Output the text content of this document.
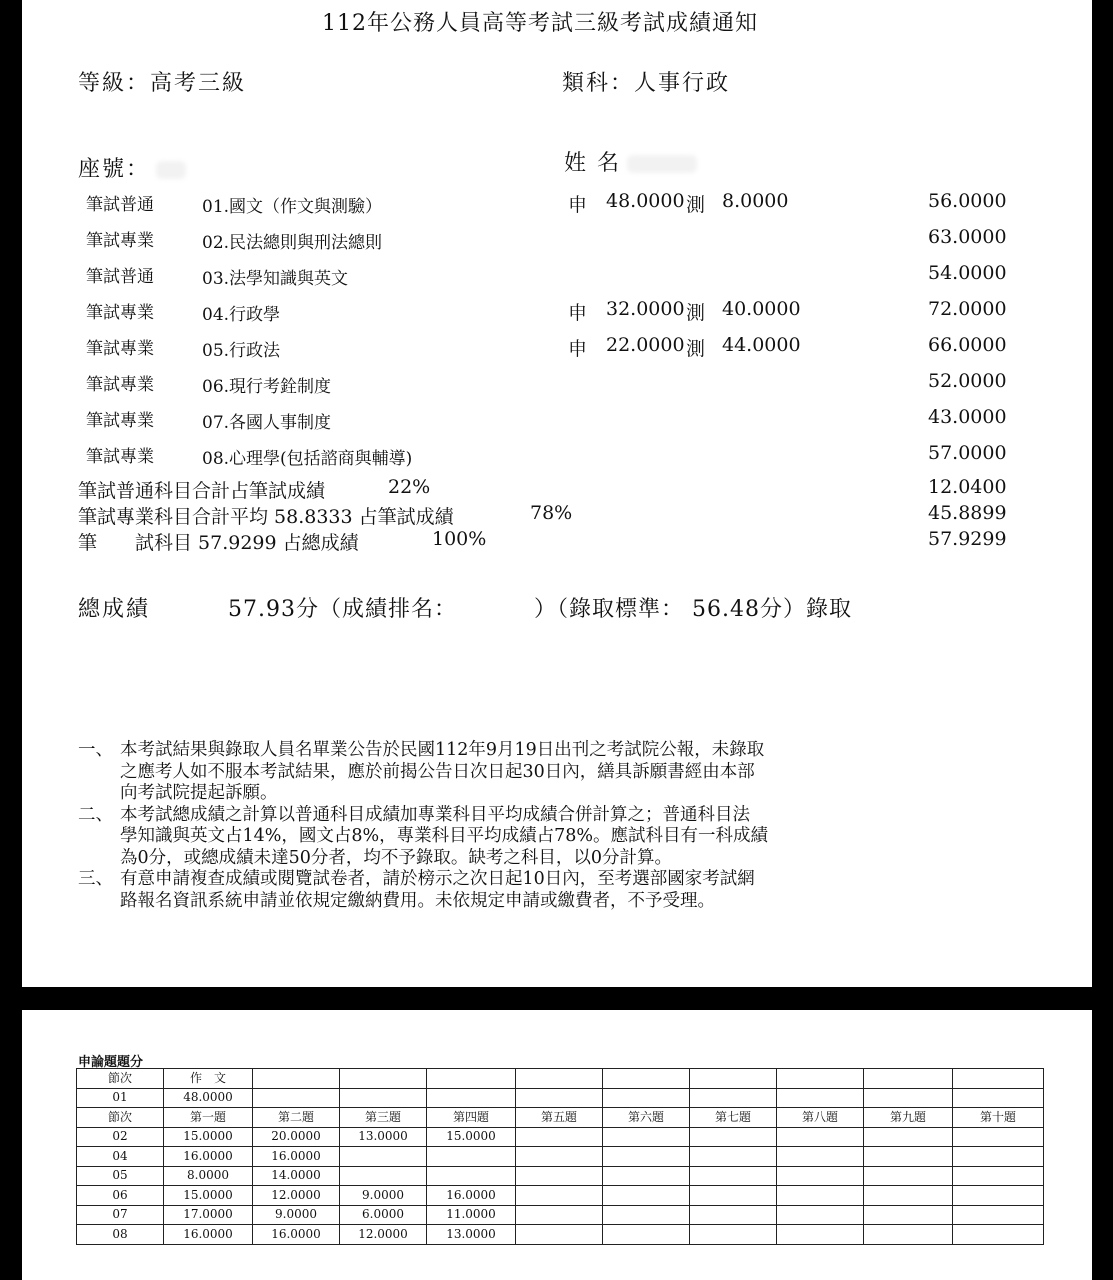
112年公務人員高等考試三級考試成績通知
等級：高考三級	類科：人事行政
座號：	姓 名
筆試普通	01.國文（作文與測驗）	申 48.0000 測 8.0000	56.0000
筆試專業	02.民法總則與刑法總則	63.0000
筆試普通	03.法學知識與英文	54.0000
筆試專業	04.行政學	申 32.0000 測 40.0000	72.0000
筆試專業	05.行政法	申 22.0000 測 44.0000	66.0000
筆試專業	06.現行考銓制度	52.0000
筆試專業	07.各國人事制度	43.0000
筆試專業	08.心理學(包括諮商與輔導)	57.0000
筆試普通科目合計占筆試成績	22%	12.0400
筆試專業科目合計平均 58.8333 占筆試成績	78%	45.8899
筆　　試科目 57.9299 占總成績	100%	57.9299
總成績	57.93分（成績排名：	）（錄取標準： 56.48分）錄取
一、 本考試結果與錄取人員名單業公告於民國112年9月19日出刊之考試院公報，未錄取
之應考人如不服本考試結果，應於前揭公告日次日起30日內，繕具訴願書經由本部
向考試院提起訴願。
二、 本考試總成績之計算以普通科目成績加專業科目平均成績合併計算之；普通科目法
學知識與英文占14%，國文占8%，專業科目平均成績占78%。應試科目有一科成績
為0分，或總成績未達50分者，均不予錄取。缺考之科目，以0分計算。
三、 有意申請複查成績或閱覽試卷者，請於榜示之次日起10日內，至考選部國家考試網
路報名資訊系統申請並依規定繳納費用。未依規定申請或繳費者，不予受理。
申論題題分
節次	作　文									
01	48.0000									
節次	第一題	第二題	第三題	第四題	第五題	第六題	第七題	第八題	第九題	第十題
02	15.0000	20.0000	13.0000	15.0000						
04	16.0000	16.0000								
05	8.0000	14.0000								
06	15.0000	12.0000	9.0000	16.0000						
07	17.0000	9.0000	6.0000	11.0000						
08	16.0000	16.0000	12.0000	13.0000						
